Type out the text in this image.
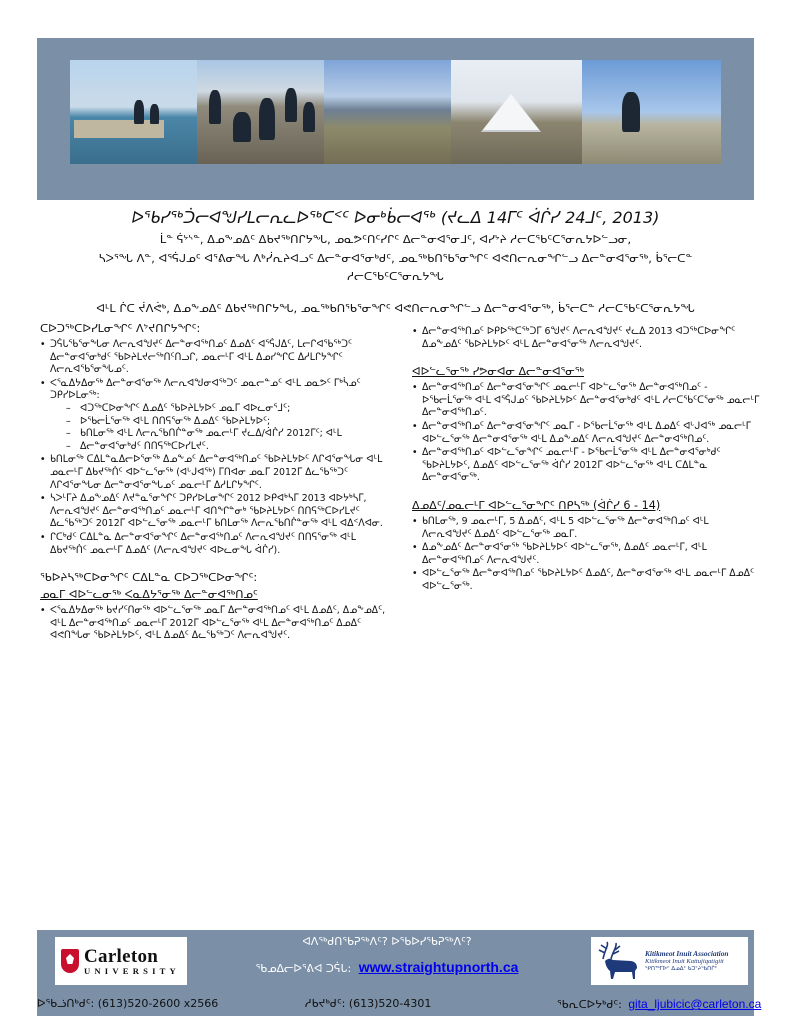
ᐅᖃᓯᖅᑑᓕᐊᖑᓯᒪᓕᕆᓚᐅᖅᑕᑉᑦ ᐅᓂᒃᑳᓕᐊᖅ (ᔪᓚᐃ 14ᒥᑦ ᐋᒌᓯ 24ᒧᑦ, 2013)
ᒫᓐ ᕌᔾᔅᓐ, ᐃᓄᖕᓄᐃᑦ ᐃᑲᔪᖅᑎᒋᔭᖓ, ᓄᓇᕗᑦᑎᑦᓯᒋᑦ ᐃᓕᓐᓂᐊᕐᓂᒧᑦ, ᐊᓯᔾᔨ ᓱᓕᑕᖃᑦᑕᕐᓂᕆᔭᐅᓪᓗᓂ,
ᓴᐳᕐᖓ ᐱᓐ, ᐊᕐᕌᒍᓄᑦ ᐊᕐᕕᓂᖓ ᐱᒃᓰᕆᔨᐊᓗᑦ ᐃᓕᓐᓂᐊᕐᓂᒃᑯᑦ, ᓄᓇᖅᑲᑎᖃᕐᓂᖏᑦ ᐊᕙᑎᓕᕆᓂᖏᓪᓗ ᐃᓕᓐᓂᐊᕐᓂᖅ, ᑳᕐᓕᑕᓐ
ᓱᓕᑕᖃᑦᑕᕐᓂᕆᔭᖓ
ᐊᒻᒪ ᒌᑕ ᔫᐱᕚᒃ, ᐃᓄᖕᓄᐃᑦ ᐃᑲᔪᖅᑎᒋᔭᖓ, ᓄᓇᖅᑲᑎᖃᕐᓂᖏᑦ ᐊᕙᑎᓕᕆᓂᖏᓪᓗ ᐃᓕᓐᓂᐊᕐᓂᖅ, ᑳᕐᓕᑕᓐ ᓱᓕᑕᖃᑦᑕᕐᓂᕆᔭᖓ
ᑕᐅᑐᖅᑕᐅᓯᒪᓂᖏᑦ ᐱᔾᔪᑎᒋᔭᖏᑦ:
• ᑐᕌᒐᖃᕐᓂᖓᓂ ᐱᓕᕆᐊᖑᔪᑦ ᐃᓕᓐᓂᐊᖅᑎᓄᑦ ᐃᓄᐃᑦ ᐊᕐᕌᒍᐃᑦ, ᒪᓕᒋᐊᖃᖅᑐᑦ ᐃᓕᓐᓂᐊᕐᓂᒃᑯᑦ ᖃᐅᔨᒪᔪᓕᖅᑎᑦᑎᓗᒋ, ᓄᓇᓕᒻᒥ ᐊᒻᒪ ᐃᓄᓯᖏᑕ ᐃᓱᒪᒋᔭᖏᑦ ᐱᓕᕆᐊᖃᕐᓂᖓᓄᑦ.
• ᐸᕐᓇᐃᔭᐃᓂᖅ ᐃᓕᓐᓂᐊᕐᓂᖅ ᐱᓕᕆᐊᖑᓂᐊᖅᑐᑦ ᓄᓇᓕᓐᓄᑦ ᐊᒻᒪ ᓄᓇᕗᑦ ᒥᒃᓵᓄᑦ ᑐᑭᓯᐅᒪᓂᖅ:
– ᐊᑐᖅᑕᐅᓂᖏᑦ ᐃᓄᐃᑦ ᖃᐅᔨᒪᔭᐅᑦ ᓄᓇᒥ ᐊᐅᓚᓂᕐᒧᑦ;
– ᐅᖃᓕᒫᕐᓂᖅ ᐊᒻᒪ ᑎᑎᕋᕐᓂᖅ ᐃᓄᐃᑦ ᖃᐅᔨᒪᔭᐅᑦ;
– ᑲᑎᒪᓂᖅ ᐊᒻᒪ ᐱᓕᕆᖃᑎᒌᓐᓂᖅ ᓄᓇᓕᒻᒥ ᔪᓚᐃ/ᐋᒌᓯ 2012ᒥᑦ; ᐊᒻᒪ
– ᐃᓕᓐᓂᐊᕐᓂᒃᑯᑦ ᑎᑎᕋᖅᑕᐅᓯᒪᔪᑦ.
• ᑲᑎᒪᓂᖅ ᑕᐃᒪᓐᓇᐃᓕᐅᕐᓂᖅ ᐃᓄᖕᓄᑦ ᐃᓕᓐᓂᐊᖅᑎᓄᑦ ᖃᐅᔨᒪᔭᐅᑦ ᐱᒋᐊᕐᓂᖓᓂ ᐊᒻᒪ ᓄᓇᓕᒻᒥ ᐃᑲᔪᖅᑏᑦ ᐊᐅᓪᓚᕐᓂᖅ (ᐊᒡᒍᐊᖅ) ᒥᑎᐊᓂ ᓄᓇᒥ 2012ᒥ ᐃᓚᖃᖅᑐᑦ ᐱᒋᐊᕐᓂᖓᓂ ᐃᓕᓐᓂᐊᕐᓂᖓᓄᑦ ᓄᓇᓕᒻᒥ ᐃᓱᒪᒋᔭᖏᑦ.
• ᓴᐳᒻᒥᔨ ᐃᓄᖕᓄᐃᑦ ᐱᔪᓐᓇᕐᓂᖏᑦ ᑐᑭᓯᐅᒪᓂᖏᑦ 2012 ᐅᑭᐊᒃᓴᒥ 2013 ᐊᐅᔭᒃᓴᒥ, ᐱᓕᕆᐊᖑᔪᑦ ᐃᓕᓐᓂᐊᖅᑎᓄᑦ ᓄᓇᓕᒻᒥ ᐊᑎᖏᓐᓂᒃ ᖃᐅᔨᒪᔭᐅᑦ ᑎᑎᕋᖅᑕᐅᓯᒪᔪᑦ ᐃᓚᖃᖅᑐᑦ 2012ᒥ ᐊᐅᓪᓚᕐᓂᖅ ᓄᓇᓕᒻᒥ ᑲᑎᒪᓂᖅ ᐱᓕᕆᖃᑎᒌᓐᓂᖅ ᐊᒻᒪ ᐊᐃᑉᐱᐊᓂ.
• ᒋᑕᒃᑯᑦ ᑕᐃᒪᓐᓇ ᐃᓕᓐᓂᐊᕐᓂᖏᑦ ᐃᓕᓐᓂᐊᖅᑎᓄᑦ ᐱᓕᕆᐊᖑᔪᑦ ᑎᑎᕋᕐᓂᖅ ᐊᒻᒪ ᐃᑲᔪᖅᑏᑦ ᓄᓇᓕᒻᒥ ᐃᓄᐃᑦ (ᐱᓕᕆᐊᖑᔪᑦ ᐊᐅᓚᓂᖓ ᐋᒌᓯ).
ᖃᐅᔨᓴᖅᑕᐅᓂᖏᑦ ᑕᐃᒪᓐᓇ ᑕᐅᑐᖅᑕᐅᓂᖏᑦ:
ᓄᓇᒥ ᐊᐅᓪᓚᓂᖅ ᐸᓇᐃᔭᕐᓂᖅ ᐃᓕᓐᓂᐊᖅᑎᓄᑦ
• ᐸᕐᓇᐃᔭᐃᓂᖅ ᑲᔪᓯᑦᑎᓂᖅ ᐊᐅᓪᓚᕐᓂᖅ ᓄᓇᒥ ᐃᓕᓐᓂᐊᖅᑎᓄᑦ ᐊᒻᒪ ᐃᓄᐃᑦ, ᐃᓄᖕᓄᐃᑦ, ᐊᒻᒪ ᐃᓕᓐᓂᐊᖅᑎᓄᑦ ᓄᓇᓕᒻᒥ 2012ᒥ ᐊᐅᓪᓚᕐᓂᖅ ᐊᒻᒪ ᐃᓕᓐᓂᐊᖅᑎᓄᑦ ᐃᓄᐃᑦ ᐊᕙᑎᖓᓂ ᖃᐅᔨᒪᔭᐅᑦ, ᐊᒻᒪ ᐃᓄᐃᑦ ᐃᓚᖃᖅᑐᑦ ᐱᓕᕆᐊᖑᔪᑦ.
• ᐃᓕᓐᓂᐊᖅᑎᓄᑦ ᐅᑭᐅᖅᑕᖅᑐᒥ 6ᖑᔪᑦ ᐱᓕᕆᐊᖑᔪᑦ ᔪᓚᐃ 2013 ᐊᑐᖅᑕᐅᓂᖏᑦ ᐃᓄᖕᓄᐃᑦ ᖃᐅᔨᒪᔭᐅᑦ ᐊᒻᒪ ᐃᓕᓐᓂᐊᕐᓂᖅ ᐱᓕᕆᐊᖑᔪᑦ.
ᐊᐅᓪᓚᕐᓂᖅ ᓯᕗᓂᐊᓂ ᐃᓕᓐᓂᐊᕐᓂᖅ
• ᐃᓕᓐᓂᐊᖅᑎᓄᑦ ᐃᓕᓐᓂᐊᕐᓂᖏᑦ ᓄᓇᓕᒻᒥ ᐊᐅᓪᓚᕐᓂᖅ ᐃᓕᓐᓂᐊᖅᑎᓄᑦ - ᐅᖃᓕᒫᕐᓂᖅ ᐊᒻᒪ ᐊᕐᕌᒍᓄᑦ ᖃᐅᔨᒪᔭᐅᑦ ᐃᓕᓐᓂᐊᕐᓂᒃᑯᑦ ᐊᒻᒪ ᓱᓕᑕᖃᑦᑕᕐᓂᖅ ᓄᓇᓕᒻᒥ ᐃᓕᓐᓂᐊᖅᑎᓄᑦ.
• ᐃᓕᓐᓂᐊᖅᑎᓄᑦ ᐃᓕᓐᓂᐊᕐᓂᖏᑦ ᓄᓇᒥ - ᐅᖃᓕᒫᕐᓂᖅ ᐊᒻᒪ ᐃᓄᐃᑦ ᐊᒡᒍᐊᖅ ᓄᓇᓕᒻᒥ ᐊᐅᓪᓚᕐᓂᖅ ᐃᓕᓐᓂᐊᕐᓂᖅ ᐊᒻᒪ ᐃᓄᖕᓄᐃᑦ ᐱᓕᕆᐊᖑᔪᑦ ᐃᓕᓐᓂᐊᖅᑎᓄᑦ.
• ᐃᓕᓐᓂᐊᖅᑎᓄᑦ ᐊᐅᓪᓚᕐᓂᖏᑦ ᓄᓇᓕᒻᒥ - ᐅᖃᓕᒫᕐᓂᖅ ᐊᒻᒪ ᐃᓕᓐᓂᐊᕐᓂᒃᑯᑦ ᖃᐅᔨᒪᔭᐅᑦ, ᐃᓄᐃᑦ ᐊᐅᓪᓚᕐᓂᖅ ᐋᒌᓯ 2012ᒥ ᐊᐅᓪᓚᕐᓂᖅ ᐊᒻᒪ ᑕᐃᒪᓐᓇ ᐃᓕᓐᓂᐊᕐᓂᖅ.
ᐃᓄᐃᑦ/ᓄᓇᓕᒻᒥ ᐊᐅᓪᓚᕐᓂᖏᑦ ᑎᑭᓴᖅ (ᐋᒌᓯ 6 - 14)
• ᑲᑎᒪᓂᖅ, 9 ᓄᓇᓕᒻᒥ, 5 ᐃᓄᐃᑦ, ᐊᒻᒪ 5 ᐊᐅᓪᓚᕐᓂᖅ ᐃᓕᓐᓂᐊᖅᑎᓄᑦ ᐊᒻᒪ ᐱᓕᕆᐊᖑᔪᑦ ᐃᓄᐃᑦ ᐊᐅᓪᓚᕐᓂᖅ ᓄᓇᒥ.
• ᐃᓄᖕᓄᐃᑦ ᐃᓕᓐᓂᐊᕐᓂᖅ ᖃᐅᔨᒪᔭᐅᑦ ᐊᐅᓪᓚᕐᓂᖅ, ᐃᓄᐃᑦ ᓄᓇᓕᒻᒥ, ᐊᒻᒪ ᐃᓕᓐᓂᐊᖅᑎᓄᑦ ᐱᓕᕆᐊᖑᔪᑦ.
• ᐊᐅᓪᓚᕐᓂᖅ ᐃᓕᓐᓂᐊᖅᑎᓄᑦ ᖃᐅᔨᒪᔭᐅᑦ ᐃᓄᐃᑦ, ᐃᓕᓐᓂᐊᕐᓂᖅ ᐊᒻᒪ ᓄᓇᓕᒻᒥ ᐃᓄᐃᑦ ᐊᐅᓪᓚᕐᓂᖅ.
Carleton
UNIVERSITY
ᐊᐱᖅᑯᑎᖃᕈᖅᐱᑦ? ᐅᖃᐅᓯᖃᕈᖅᐱᑦ?
ᖃᓄᐃᓕᐅᕐᕕᐊ ᑐᕌᒐ: www.straightupnorth.ca
Kitikmeot Inuit Association
Kitikmeot Inuit Kattujiqatigiit
ᕿᑎᖅᒥᐅᑦ ᐃᓄᐃᑦ ᑲᑐᔾᔨᖃᑎᒌᑦ
ᐅᖃᓘᑎᒃᑯᑦ: (613)520-2600 x2566	ᓱᑲᔪᒃᑯᑦ: (613)520-4301	ᖃᕆᑕᐅᔭᒃᑯᑦ: gita_ljubicic@carleton.ca
